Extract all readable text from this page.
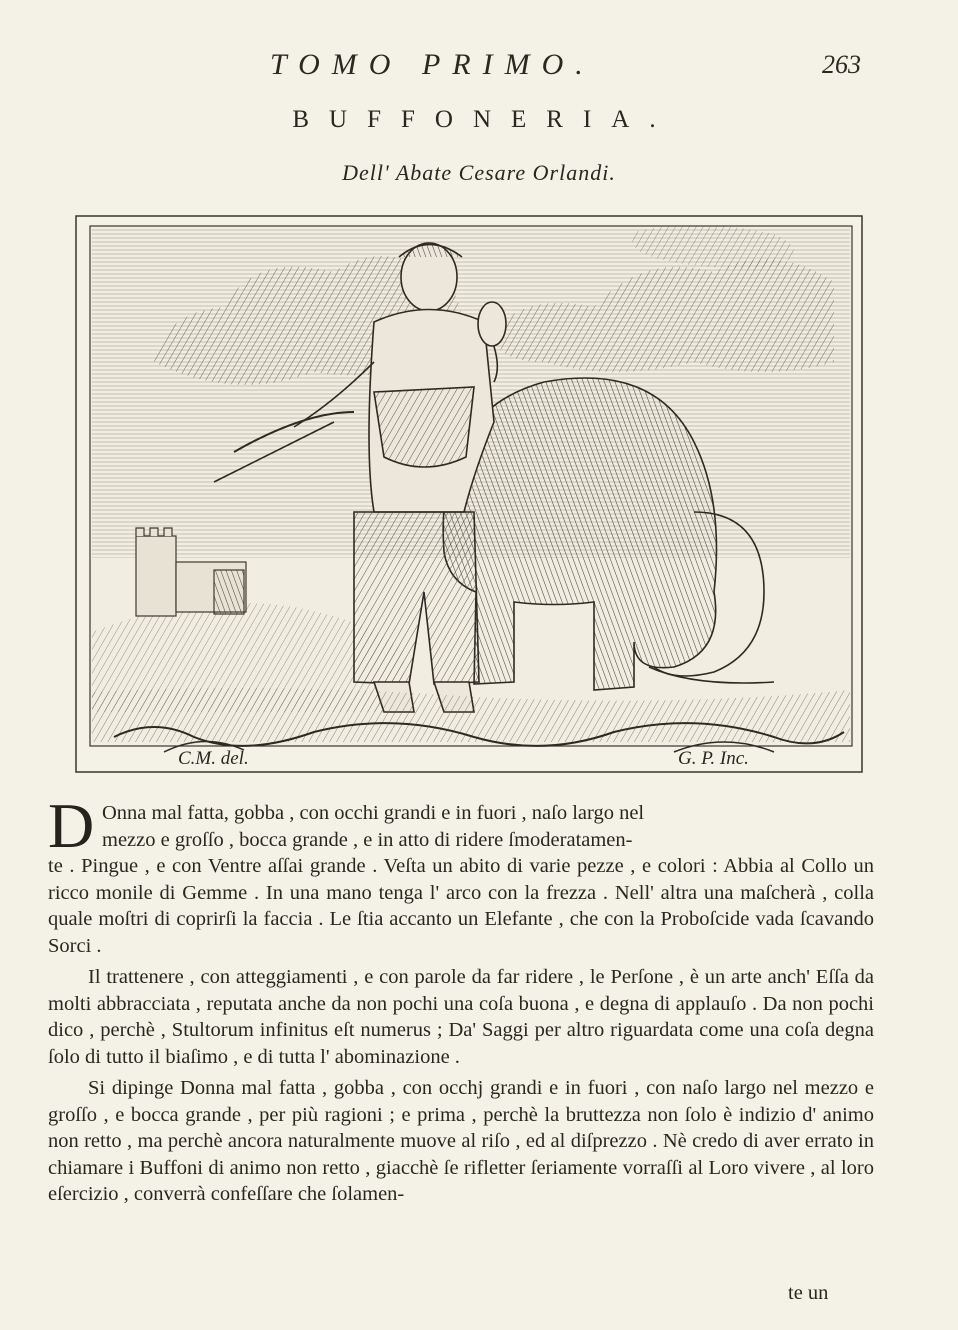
TOMO PRIMO.	263
BUFFONERIA.
Dell' Abate Cesare Orlandi.
C.M. del.	G. P. Inc.

D Onna mal fatta, gobba , con occhi grandi e in fuori , naſo largo nel
mezzo e groſſo , bocca grande , e in atto di ridere ſmoderatamen-

te . Pingue , e con Ventre aſſai grande . Veſta un abito di varie pezze , e colori : Abbia al Collo un ricco monile di Gemme . In una mano tenga l' arco con la frezza . Nell' altra una maſcherà , colla quale moſtri di coprirſi la faccia . Le ſtia accanto un Elefante , che con la Proboſcide vada ſcavando Sorci .

Il trattenere , con atteggiamenti , e con parole da far ridere , le Perſone , è un arte anch' Eſſa da molti abbracciata , reputata anche da non pochi una coſa buona , e degna di applauſo . Da non pochi dico , perchè , Stultorum infinitus eſt numerus ; Da' Saggi per altro riguardata come una coſa degna ſolo di tutto il biaſimo , e di tutta l' abominazione .

Si dipinge Donna mal fatta , gobba , con occhj grandi e in fuori , con naſo largo nel mezzo e groſſo , e bocca grande , per più ragioni ; e prima , perchè la bruttezza non ſolo è indizio d' animo non retto , ma perchè ancora naturalmente muove al riſo , ed al diſprezzo . Nè credo di aver errato in chiamare i Buffoni di animo non retto , giacchè ſe rifletter ſeriamente vorraſſi al Loro vivere , al loro eſercizio , converrà confeſſare che ſolamen-

te un
